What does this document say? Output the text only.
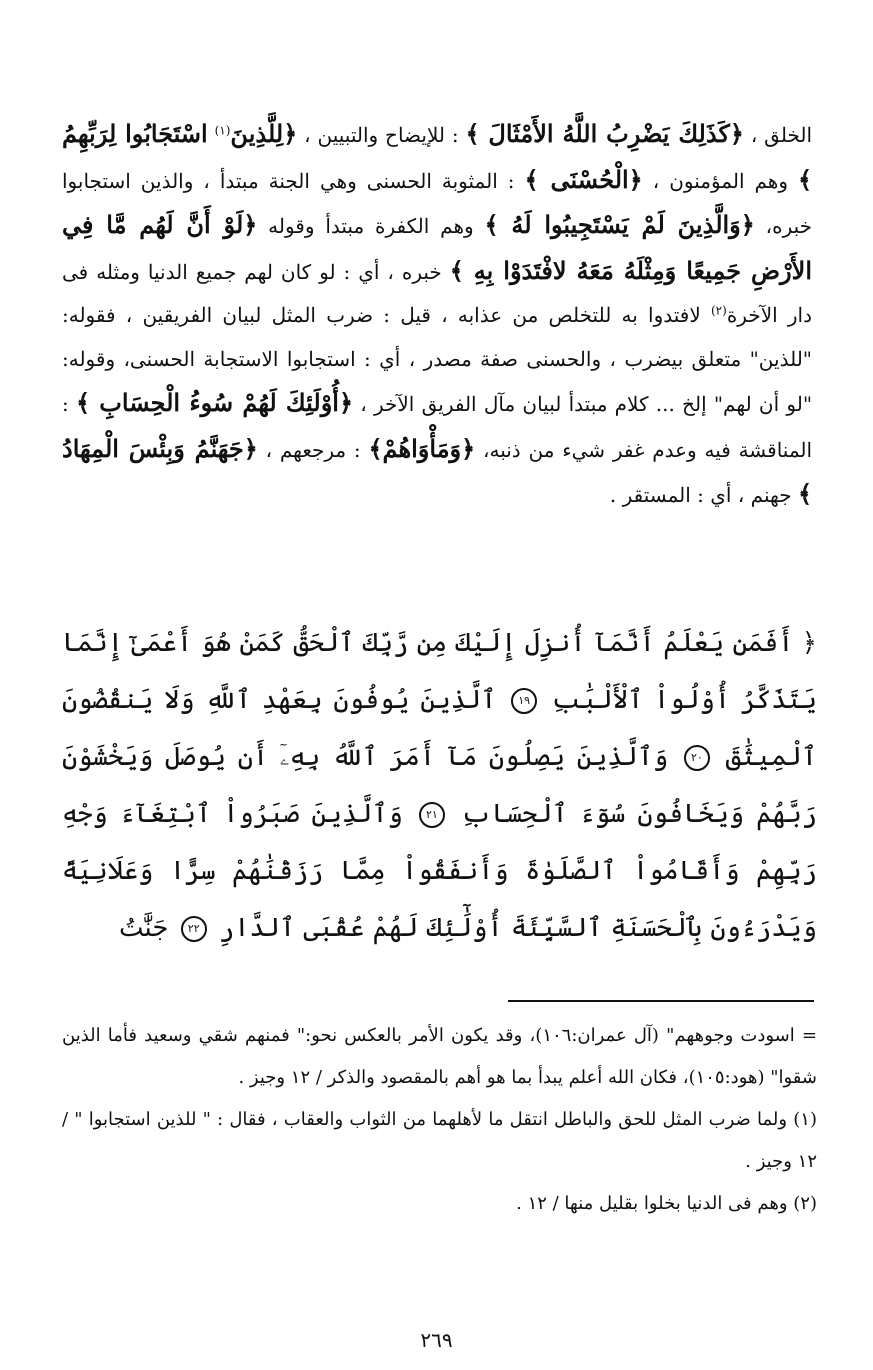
الخلق ، ﴿كَذَلِكَ يَضْرِبُ اللَّهُ الأَمْثَالَ ﴾ : للإيضاح والتبيين ، ﴿لِلَّذِينَ$^{(١)}$ اسْتَجَابُوا لِرَبِّهِمُ ﴾ وهم المؤمنون ، ﴿الْحُسْنَى ﴾ : المثوبة الحسنى وهي الجنة مبتدأ ، والذين استجابوا خبره، ﴿وَالَّذِينَ لَمْ يَسْتَجِيبُوا لَهُ ﴾ وهم الكفرة مبتدأ وقوله ﴿لَوْ أَنَّ لَهُم مَّا فِي الأَرْضِ جَمِيعًا وَمِثْلَهُ مَعَهُ لافْتَدَوْا بِهِ ﴾ خبره ، أي : لو كان لهم جميع الدنيا ومثله فى دار الآخرة$^{(٢)}$ لافتدوا به للتخلص من عذابه ، قيل : ضرب المثل لبيان الفريقين ، فقوله: "للذين" متعلق بيضرب ، والحسنى صفة مصدر ، أي : استجابوا الاستجابة الحسنى، وقوله: "لو أن لهم" إلخ ... كلام مبتدأ لبيان مآل الفريق الآخر ، ﴿أُوْلَئِكَ لَهُمْ سُوءُ الْحِسَابِ ﴾ : المناقشة فيه وعدم غفر شيء من ذنبه، ﴿وَمَأْوَاهُمْ﴾ : مرجعهم ، ﴿جَهَنَّمُ وَبِئْسَ الْمِهَادُ ﴾ جهنم ، أي : المستقر .

﴿ أَفَمَن يَعْلَمُ أَنَّمَآ أُنزِلَ إِلَيْكَ مِن رَّبِّكَ ٱلْحَقُّ كَمَنْ هُوَ أَعْمَىٰٓ إِنَّمَا يَتَذَكَّرُ أُوْلُواْ ٱلْأَلْبَٰبِ ١٩ ٱلَّذِينَ يُوفُونَ بِعَهْدِ ٱللَّهِ وَلَا يَنقُضُونَ ٱلْمِيثَٰقَ ٢٠ وَٱلَّذِينَ يَصِلُونَ مَآ أَمَرَ ٱللَّهُ بِهِۦٓ أَن يُوصَلَ وَيَخْشَوْنَ رَبَّهُمْ وَيَخَافُونَ سُوٓءَ ٱلْحِسَابِ ٢١ وَٱلَّذِينَ صَبَرُواْ ٱبْتِغَآءَ وَجْهِ رَبِّهِمْ وَأَقَامُواْ ٱلصَّلَوٰةَ وَأَنفَقُواْ مِمَّا رَزَقْنَٰهُمْ سِرًّا وَعَلَانِيَةً وَيَدْرَءُونَ بِٱلْحَسَنَةِ ٱلسَّيِّئَةَ أُوْلَٰٓئِكَ لَهُمْ عُقْبَى ٱلدَّارِ ٢٢ جَنَّٰتُ

= اسودت وجوههم" (آل عمران:١٠٦)، وقد يكون الأمر بالعكس نحو:" فمنهم شقي وسعيد فأما الذين شقوا" (هود:١٠٥)، فكان الله أعلم يبدأ بما هو أهم بالمقصود والذكر / ١٢ وجيز .

(١) ولما ضرب المثل للحق والباطل انتقل ما لأهلهما من الثواب والعقاب ، فقال : " للذين استجابوا " / ١٢ وجيز .

(٢) وهم فى الدنيا بخلوا بقليل منها / ١٢ .

٢٦٩
